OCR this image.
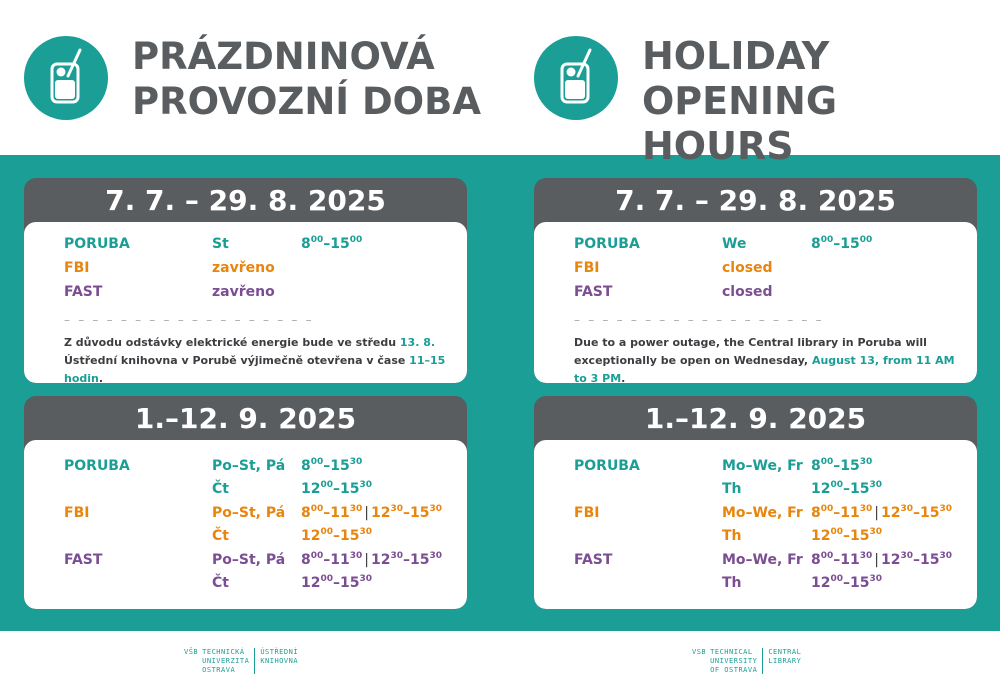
PRÁZDNINOVÁ
PROVOZNÍ DOBA
7. 7. – 29. 8. 2025
PORUBA	St	$8^{00}-15^{00}$
FBI	zavřeno
FAST	zavřeno
– – – – – – – – – – – – – – – – – –
Z důvodu odstávky elektrické energie bude ve středu 13. 8.
Ústřední knihovna v Porubě výjimečně otevřena v čase 11–15 hodin.
1.–12. 9. 2025
PORUBA	Po–St, Pá $8^{00}-15^{30}$
Čt	$12^{00}-15^{30}$
FBI	Po–St, Pá $8^{00}-11^{30}$ | $12^{30}-15^{30}$
Čt	$12^{00}-15^{30}$
FAST	Po–St, Pá $8^{00}-11^{30}$ | $12^{30}-15^{30}$
Čt	$12^{00}-15^{30}$
VŠB TECHNICKÁ
UNIVERZITA
OSTRAVA
ÚSTŘEDNÍ
KNIHOVNA
HOLIDAY
OPENING HOURS
7. 7. – 29. 8. 2025
PORUBA	We	$8^{00}-15^{00}$
FBI	closed
FAST	closed
– – – – – – – – – – – – – – – – – –
Due to a power outage, the Central library in Poruba will
exceptionally be open on Wednesday, August 13, from 11 AM to 3 PM.
1.–12. 9. 2025
PORUBA	Mo–We, Fr $8^{00}-15^{30}$
Th	$12^{00}-15^{30}$
FBI	Mo–We, Fr $8^{00}-11^{30}$ | $12^{30}-15^{30}$
Th	$12^{00}-15^{30}$
FAST	Mo–We, Fr $8^{00}-11^{30}$ | $12^{30}-15^{30}$
Th	$12^{00}-15^{30}$
VSB TECHNICAL
UNIVERSITY
OF OSTRAVA
CENTRAL
LIBRARY
